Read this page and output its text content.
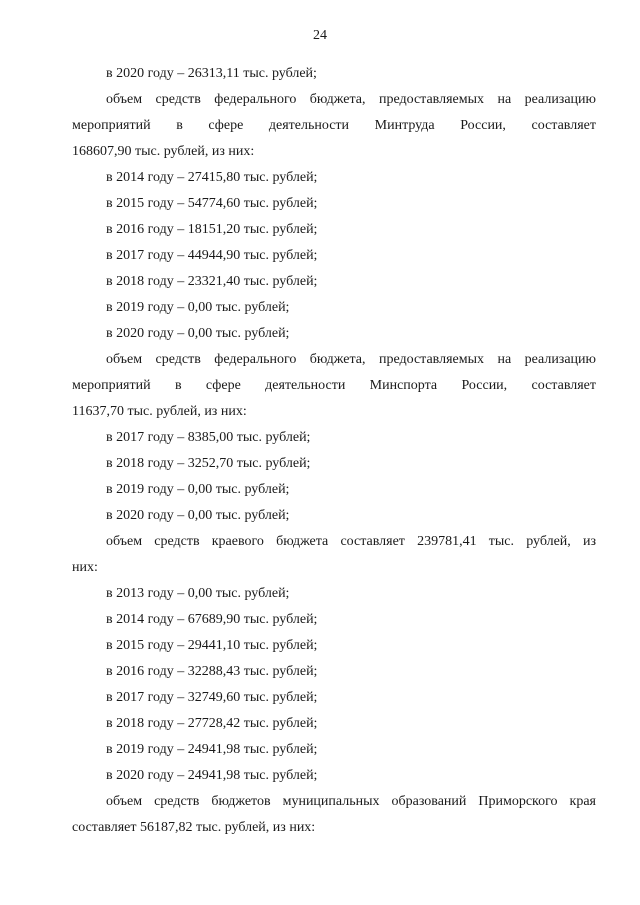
24
в 2020 году – 26313,11 тыс. рублей;
объем средств федерального бюджета, предоставляемых на реализацию
мероприятий в сфере деятельности Минтруда России, составляет
168607,90 тыс. рублей, из них:
в 2014 году – 27415,80 тыс. рублей;
в 2015 году – 54774,60 тыс. рублей;
в 2016 году – 18151,20 тыс. рублей;
в 2017 году – 44944,90 тыс. рублей;
в 2018 году – 23321,40 тыс. рублей;
в 2019 году – 0,00 тыс. рублей;
в 2020 году – 0,00 тыс. рублей;
объем средств федерального бюджета, предоставляемых на реализацию
мероприятий в сфере деятельности Минспорта России, составляет
11637,70 тыс. рублей, из них:
в 2017 году – 8385,00 тыс. рублей;
в 2018 году – 3252,70 тыс. рублей;
в 2019 году – 0,00 тыс. рублей;
в 2020 году – 0,00 тыс. рублей;
объем средств краевого бюджета составляет 239781,41 тыс. рублей, из
них:
в 2013 году – 0,00 тыс. рублей;
в 2014 году – 67689,90 тыс. рублей;
в 2015 году – 29441,10 тыс. рублей;
в 2016 году – 32288,43 тыс. рублей;
в 2017 году – 32749,60 тыс. рублей;
в 2018 году – 27728,42 тыс. рублей;
в 2019 году – 24941,98 тыс. рублей;
в 2020 году – 24941,98 тыс. рублей;
объем средств бюджетов муниципальных образований Приморского края
составляет 56187,82 тыс. рублей, из них:
